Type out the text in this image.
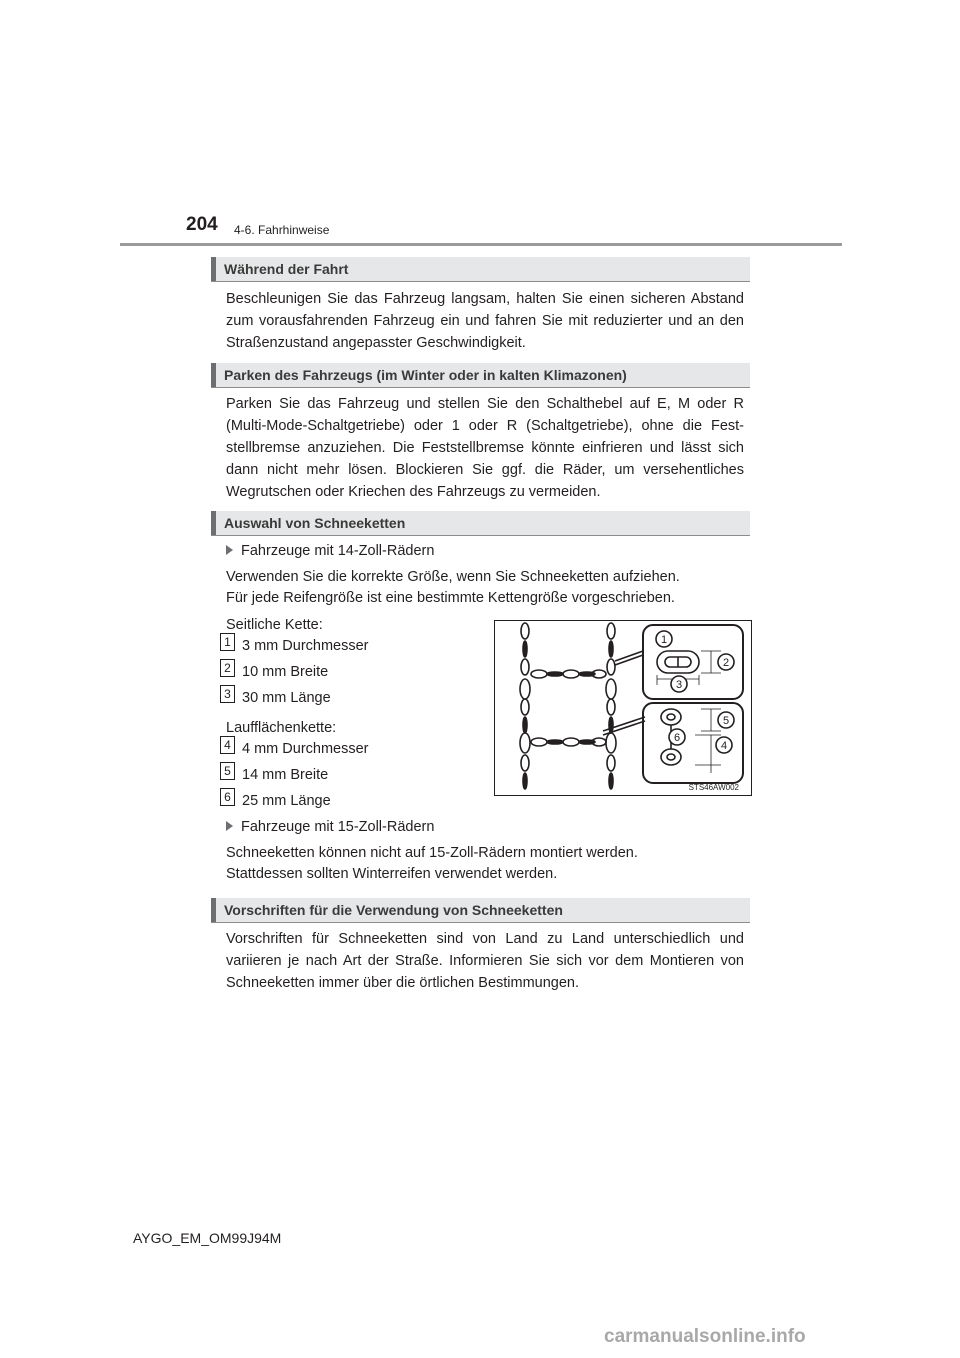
204 4-6. Fahrhinweise
Während der Fahrt
Beschleunigen Sie das Fahrzeug langsam, halten Sie einen sicheren Abstand zum vorausfahrenden Fahrzeug ein und fahren Sie mit reduzierter und an den Straßenzustand angepasster Geschwindigkeit.
Parken des Fahrzeugs (im Winter oder in kalten Klimazonen)
Parken Sie das Fahrzeug und stellen Sie den Schalthebel auf E, M oder R (Multi-Mode-Schaltgetriebe) oder 1 oder R (Schaltgetriebe), ohne die Fest-stellbremse anzuziehen. Die Feststellbremse könnte einfrieren und lässt sich dann nicht mehr lösen. Blockieren Sie ggf. die Räder, um versehentliches Wegrutschen oder Kriechen des Fahrzeugs zu vermeiden.
Auswahl von Schneeketten
Fahrzeuge mit 14-Zoll-Rädern
Verwenden Sie die korrekte Größe, wenn Sie Schneeketten aufziehen.
Für jede Reifengröße ist eine bestimmte Kettengröße vorgeschrieben.
Seitliche Kette:
1 3 mm Durchmesser
2 10 mm Breite
3 30 mm Länge
Laufflächenkette:
4 4 mm Durchmesser
5 14 mm Breite
6 25 mm Länge
Fahrzeuge mit 15-Zoll-Rädern
Schneeketten können nicht auf 15-Zoll-Rädern montiert werden.
Stattdessen sollten Winterreifen verwendet werden.
1
2
3
5
6
4
STS46AW002
Vorschriften für die Verwendung von Schneeketten
Vorschriften für Schneeketten sind von Land zu Land unterschiedlich und variieren je nach Art der Straße. Informieren Sie sich vor dem Montieren von Schneeketten immer über die örtlichen Bestimmungen.
AYGO_EM_OM99J94M
carmanualsonline.info
